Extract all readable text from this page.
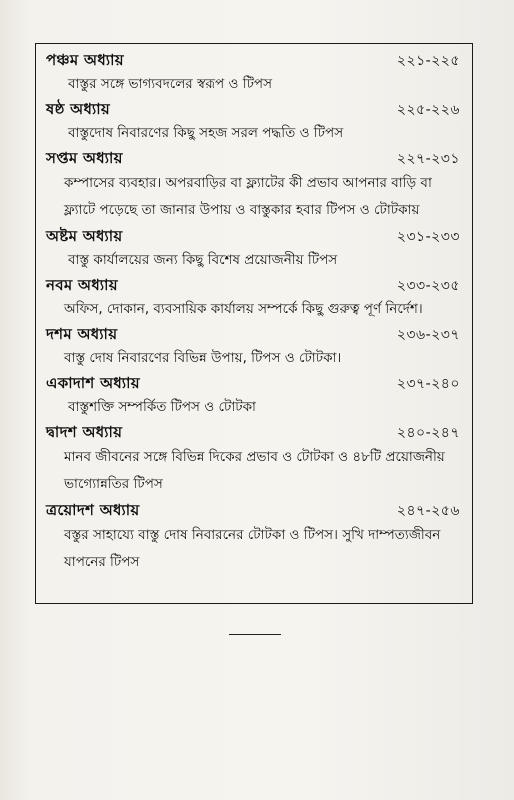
পঞ্চম অধ্যায়	২২১-২২৫
বাস্তুর সঙ্গে ভাগ্যবদলের স্বরূপ ও টিপস
ষষ্ঠ অধ্যায়	২২৫-২২৬
বাস্তুদোষ নিবারণের কিছু সহজ সরল পদ্ধতি ও টিপস
সপ্তম অধ্যায়	২২৭-২৩১
কম্পাসের ব্যবহার। অপরবাড়ির বা ফ্ল্যাটের কী প্রভাব আপনার বাড়ি বা ফ্ল্যাটে পড়েছে তা জানার উপায় ও বাস্তুকার হবার টিপস ও টোটকায়
অষ্টম অধ্যায়	২৩১-২৩৩
বাস্তু কার্যালয়ের জন্য কিছু বিশেষ প্রয়োজনীয় টিপস
নবম অধ্যায়	২৩৩-২৩৫
অফিস, দোকান, ব্যবসায়িক কার্যালয় সম্পর্কে কিছু গুরুত্ব পূর্ণ নির্দেশ।
দশম অধ্যায়	২৩৬-২৩৭
বাস্তু দোষ নিবারণের বিভিন্ন উপায়, টিপস ও টোটকা।
একাদাশ অধ্যায়	২৩৭-২৪০
বাস্তুশক্তি সম্পর্কিত টিপস ও টোটকা
দ্বাদশ অধ্যায়	২৪০-২৪৭
মানব জীবনের সঙ্গে বিভিন্ন দিকের প্রভাব ও টোটকা ও ৪৮টি প্রয়োজনীয় ভাগ্যোন্নতির টিপস
ত্রয়োদশ অধ্যায়	২৪৭-২৫৬
বস্তুর সাহায্যে বাস্তু দোষ নিবারনের টোটকা ও টিপস। সুখি দাম্পত্যজীবন যাপনের টিপস
